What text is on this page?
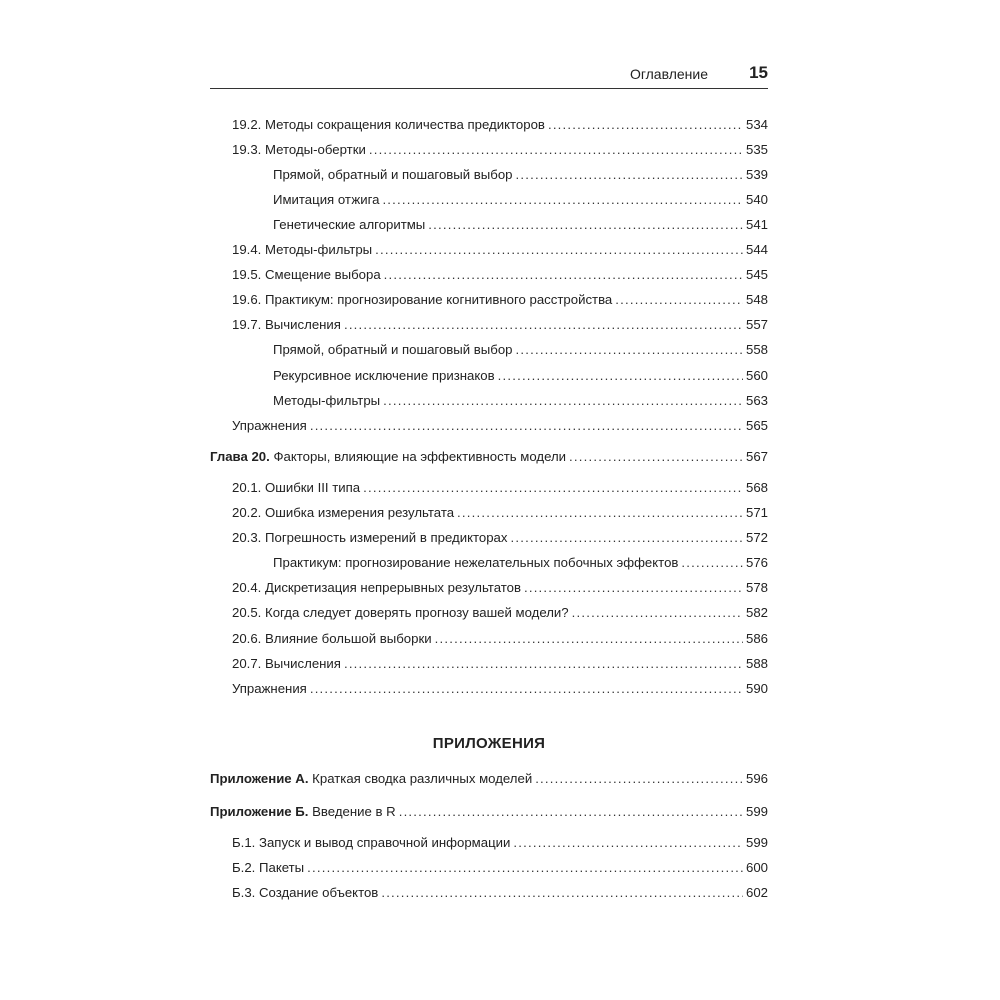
Оглавление 15
19.2. Методы сокращения количества предикторов .....	534
19.3. Методы-обертки .....	535
Прямой, обратный и пошаговый выбор .....	539
Имитация отжига .....	540
Генетические алгоритмы .....	541
19.4. Методы-фильтры .....	544
19.5. Смещение выбора .....	545
19.6. Практикум: прогнозирование когнитивного расстройства .....	548
19.7. Вычисления .....	557
Прямой, обратный и пошаговый выбор .....	558
Рекурсивное исключение признаков .....	560
Методы-фильтры .....	563
Упражнения .....	565
Глава 20. Факторы, влияющие на эффективность модели .....	567
20.1. Ошибки III типа .....	568
20.2. Ошибка измерения результата .....	571
20.3. Погрешность измерений в предикторах .....	572
Практикум: прогнозирование нежелательных побочных эффектов .....	576
20.4. Дискретизация непрерывных результатов .....	578
20.5. Когда следует доверять прогнозу вашей модели? .....	582
20.6. Влияние большой выборки .....	586
20.7. Вычисления .....	588
Упражнения .....	590
Приложение А. Краткая сводка различных моделей .....	596
Приложение Б. Введение в R .....	599
Б.1. Запуск и вывод справочной информации .....	599
Б.2. Пакеты .....	600
Б.3. Создание объектов .....	602
ПРИЛОЖЕНИЯ
